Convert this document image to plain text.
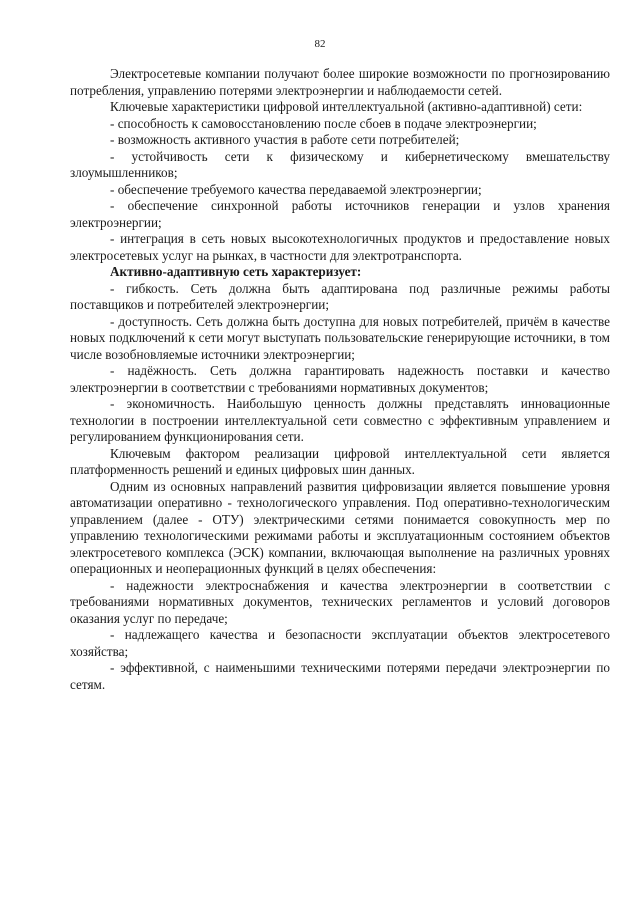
82

Электросетевые компании получают более широкие возможности по прогнозированию потребления, управлению потерями электроэнергии и наблюдаемости сетей.

Ключевые характеристики цифровой интеллектуальной (активно-адаптивной) сети:

- способность к самовосстановлению после сбоев в подаче электроэнергии;

- возможность активного участия в работе сети потребителей;

- устойчивость сети к физическому и кибернетическому вмешательству злоумышленников;

- обеспечение требуемого качества передаваемой электроэнергии;

- обеспечение синхронной работы источников генерации и узлов хранения электроэнергии;

- интеграция в сеть новых высокотехнологичных продуктов и предоставление новых электросетевых услуг на рынках, в частности для электротранспорта.

Активно-адаптивную сеть характеризует:

- гибкость. Сеть должна быть адаптирована под различные режимы работы поставщиков и потребителей электроэнергии;

- доступность. Сеть должна быть доступна для новых потребителей, причём в качестве новых подключений к сети могут выступать пользовательские генерирующие источники, в том числе возобновляемые источники электроэнергии;

- надёжность. Сеть должна гарантировать надежность поставки и качество электроэнергии в соответствии с требованиями нормативных документов;

- экономичность. Наибольшую ценность должны представлять инновационные технологии в построении интеллектуальной сети совместно с эффективным управлением и регулированием функционирования сети.

Ключевым фактором реализации цифровой интеллектуальной сети является платформенность решений и единых цифровых шин данных.

Одним из основных направлений развития цифровизации является повышение уровня автоматизации оперативно - технологического управления. Под оперативно-технологическим управлением (далее - ОТУ) электрическими сетями понимается совокупность мер по управлению технологическими режимами работы и эксплуатационным состоянием объектов электросетевого комплекса (ЭСК) компании, включающая выполнение на различных уровнях операционных и неоперационных функций в целях обеспечения:

- надежности электроснабжения и качества электроэнергии в соответствии с требованиями нормативных документов, технических регламентов и условий договоров оказания услуг по передаче;

- надлежащего качества и безопасности эксплуатации объектов электросетевого хозяйства;

- эффективной, с наименьшими техническими потерями передачи электроэнергии по сетям.
